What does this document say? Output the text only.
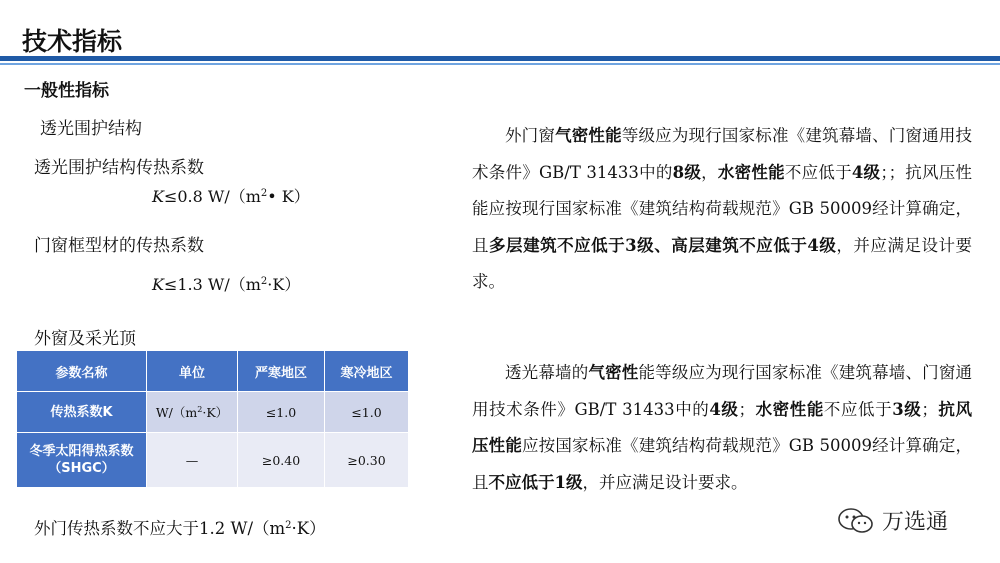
技术指标
一般性指标
透光围护结构
透光围护结构传热系数
K≤0.8 $W/(m^2•$ K）
门窗框型材的传热系数
K≤1.3 $W/(m^2\cdot K)$
外窗及采光顶
参数名称	单位	严寒地区	寒冷地区
传热系数K	$W/(m^2\cdot K)$	≤1.0	≤1.0
冬季太阳得热系数
（SHGC）	—	≥0.40	≥0.30
外门传热系数不应大于1.2 $W/(m^2\cdot K)$
外门窗气密性能等级应为现行国家标准《建筑幕墙、门窗通用技术条件》GB/T 31433中的8级，水密性能不应低于4级；；抗风压性能应按现行国家标准《建筑结构荷载规范》GB 50009经计算确定，且多层建筑不应低于3级、高层建筑不应低于4级，并应满足设计要求。
透光幕墙的气密性能等级应为现行国家标准《建筑幕墙、门窗通用技术条件》GB/T 31433中的4级；水密性能不应低于3级；抗风压性能应按国家标准《建筑结构荷载规范》GB 50009经计算确定，且不应低于1级，并应满足设计要求。
万选通
